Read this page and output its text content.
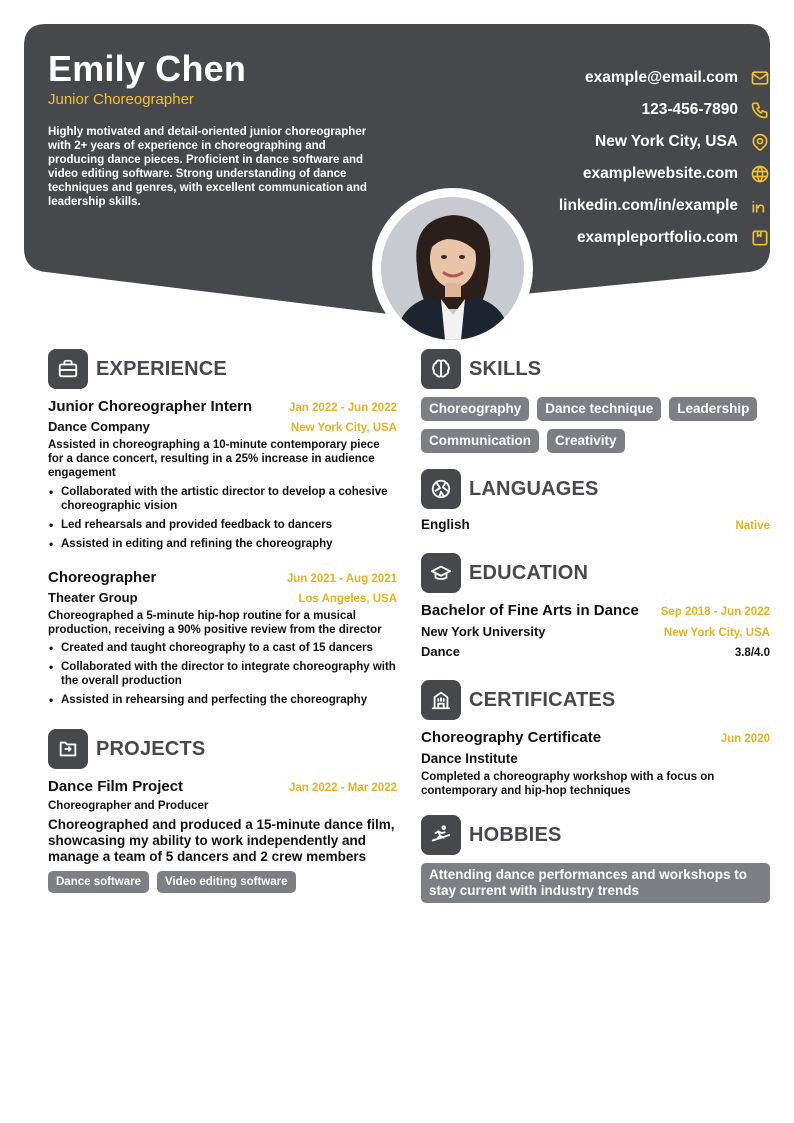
Emily Chen
Junior Choreographer
Highly motivated and detail-oriented junior choreographer with 2+ years of experience in choreographing and producing dance pieces. Proficient in dance software and video editing software. Strong understanding of dance techniques and genres, with excellent communication and leadership skills.
example@email.com
123-456-7890
New York City, USA
examplewebsite.com
linkedin.com/in/example
exampleportfolio.com
EXPERIENCE
Junior Choreographer Intern	Jan 2022 - Jun 2022
Dance Company	New York City, USA
Assisted in choreographing a 10-minute contemporary piece for a dance concert, resulting in a 25% increase in audience engagement
• Collaborated with the artistic director to develop a cohesive choreographic vision
• Led rehearsals and provided feedback to dancers
• Assisted in editing and refining the choreography
Choreographer	Jun 2021 - Aug 2021
Theater Group	Los Angeles, USA
Choreographed a 5-minute hip-hop routine for a musical production, receiving a 90% positive review from the director
• Created and taught choreography to a cast of 15 dancers
• Collaborated with the director to integrate choreography with the overall production
• Assisted in rehearsing and perfecting the choreography
PROJECTS
Dance Film Project	Jan 2022 - Mar 2022
Choreographer and Producer
Choreographed and produced a 15-minute dance film, showcasing my ability to work independently and manage a team of 5 dancers and 2 crew members
Dance software	Video editing software
SKILLS
Choreography	Dance technique	Leadership
Communication	Creativity
LANGUAGES
English	Native
EDUCATION
Bachelor of Fine Arts in Dance Sep 2018 - Jun 2022
New York University	New York City, USA
Dance	3.8/4.0
CERTIFICATES
Choreography Certificate	Jun 2020
Dance Institute
Completed a choreography workshop with a focus on contemporary and hip-hop techniques
HOBBIES
Attending dance performances and workshops to stay current with industry trends
